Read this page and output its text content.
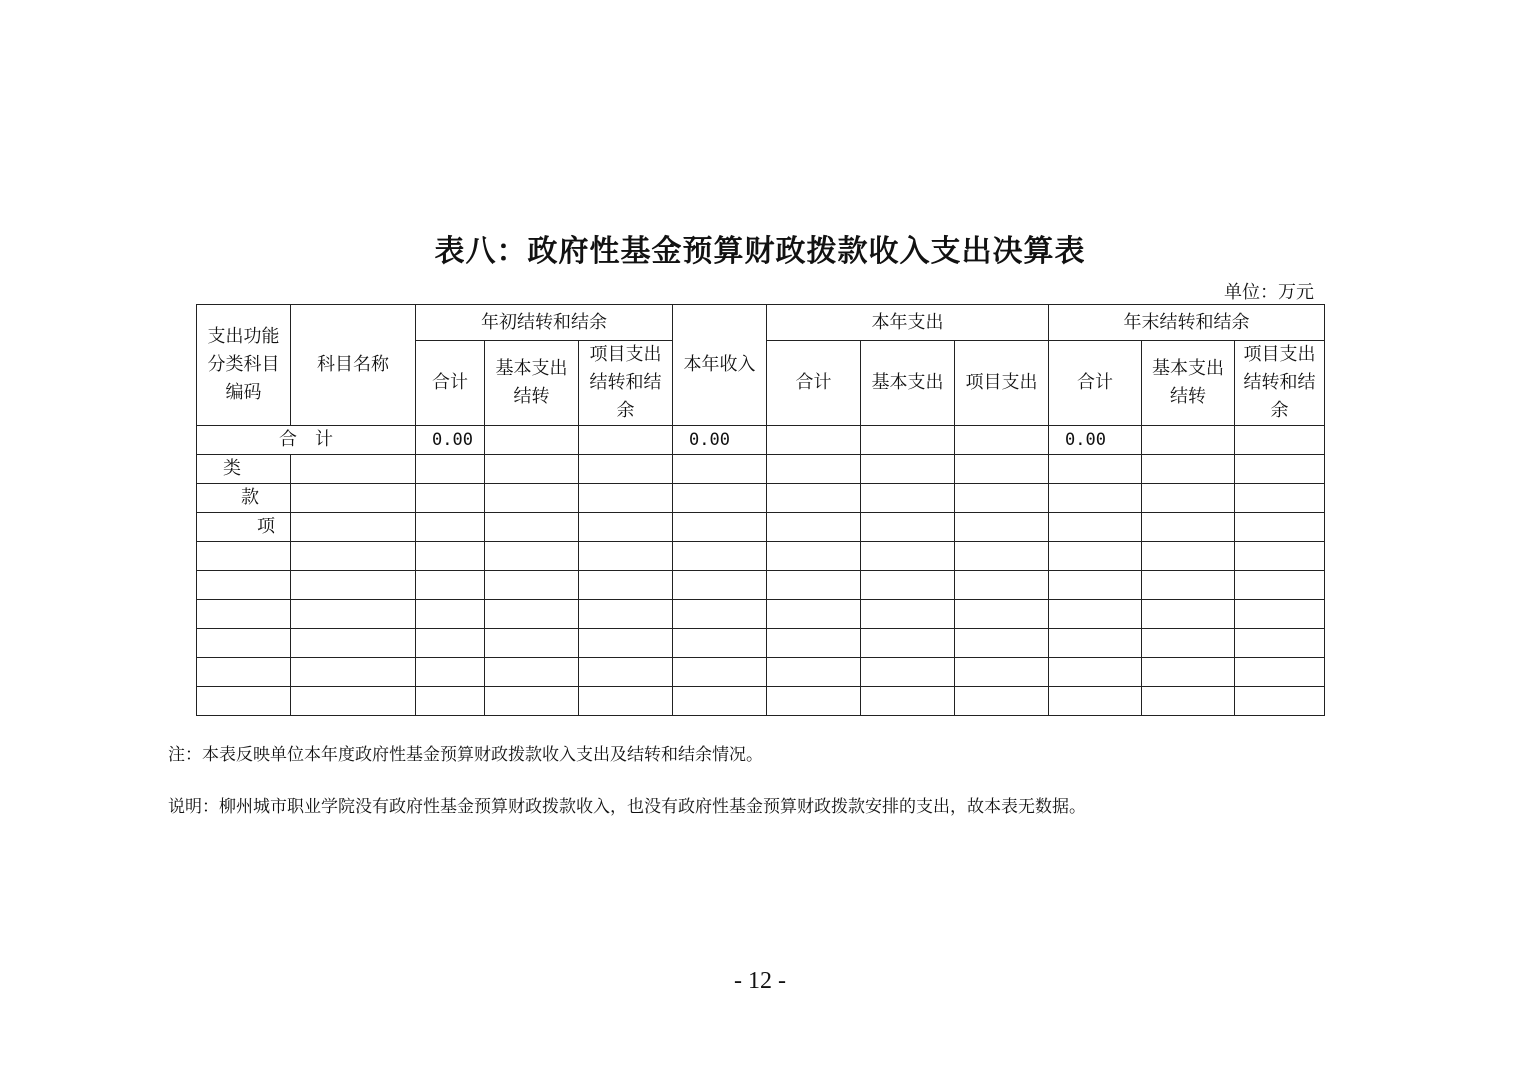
表八：政府性基金预算财政拨款收入支出决算表
单位：万元
支出功能分类科目编码	科目名称	年初结转和结余			本年收入	本年支出			年末结转和结余		
		合计	基本支出结转	项目支出结转和结余		合计	基本支出	项目支出	合计	基本支出结转	项目支出结转和结余
合　计		0.00			0.00				0.00		
类											
款											
项											

注：本表反映单位本年度政府性基金预算财政拨款收入支出及结转和结余情况。
说明：柳州城市职业学院没有政府性基金预算财政拨款收入，也没有政府性基金预算财政拨款安排的支出，故本表无数据。
- 12 -
